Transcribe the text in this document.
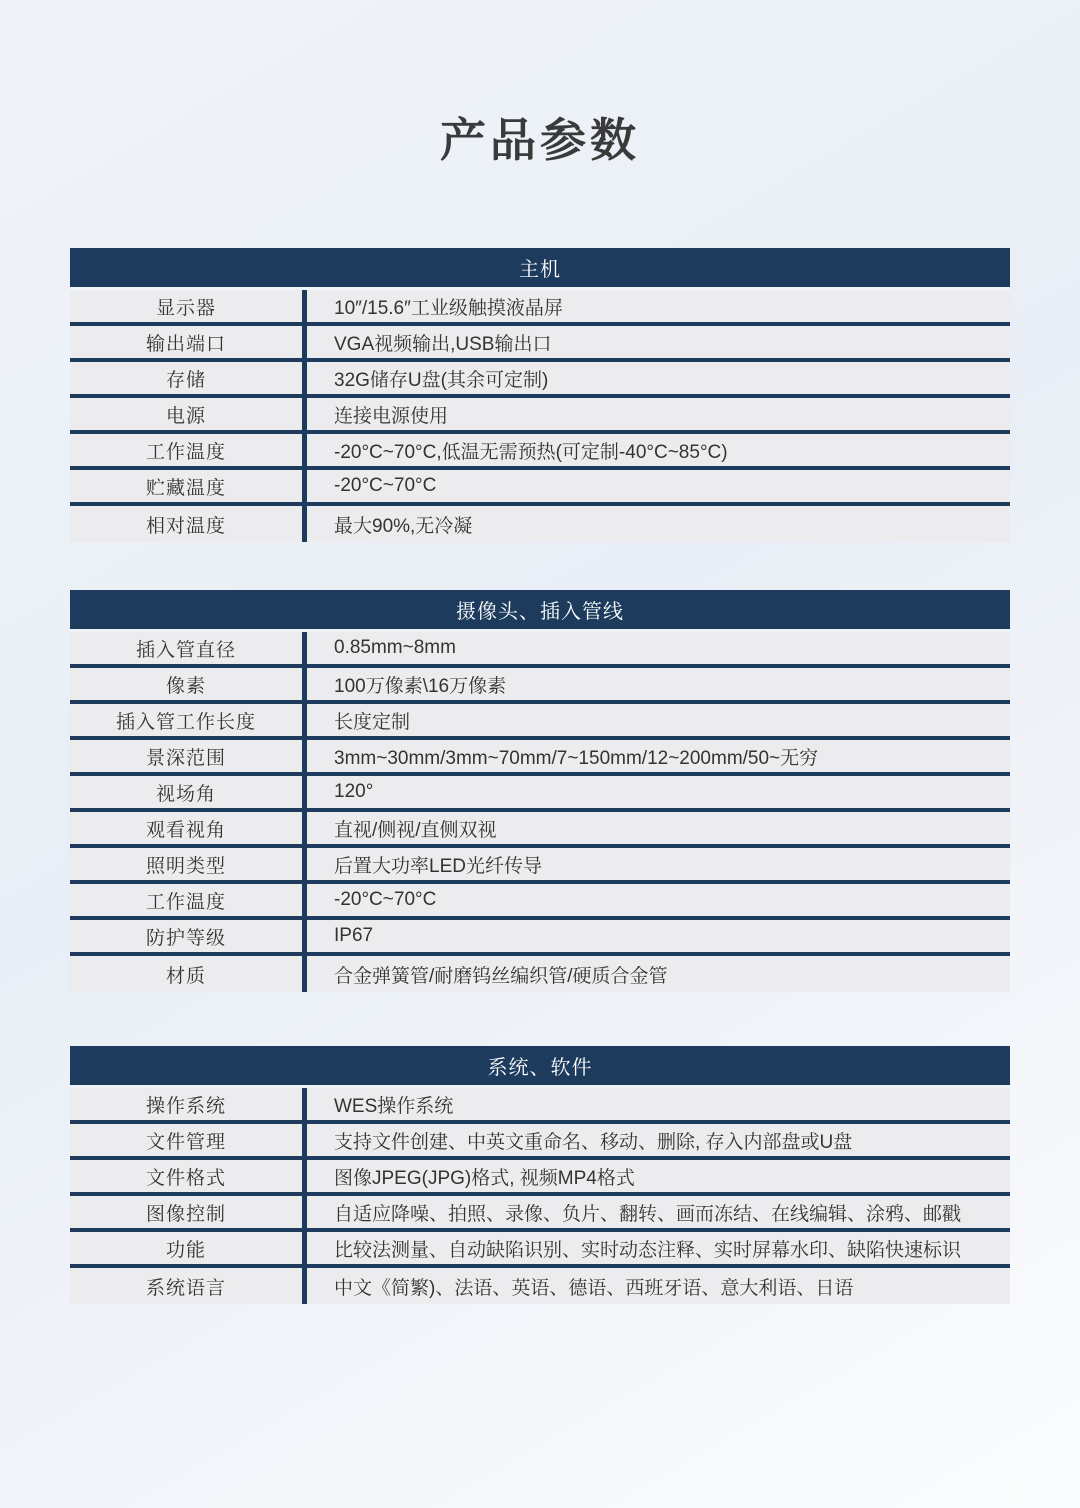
产品参数
主机
显示器	10″/15.6″工业级触摸液晶屏
输出端口	VGA视频输出,USB输出口
存储	32G储存U盘(其余可定制)
电源	连接电源使用
工作温度	-20°C~70°C,低温无需预热(可定制-40°C~85°C)
贮藏温度	-20°C~70°C
相对温度	最大90%,无冷凝
摄像头、插入管线
插入管直径	0.85mm~8mm
像素	100万像素\16万像素
插入管工作长度	长度定制
景深范围	3mm~30mm/3mm~70mm/7~150mm/12~200mm/50~无穷
视场角	120°
观看视角	直视/侧视/直侧双视
照明类型	后置大功率LED光纤传导
工作温度	-20°C~70°C
防护等级	IP67
材质	合金弹簧管/耐磨钨丝编织管/硬质合金管
系统、软件
操作系统	WES操作系统
文件管理	支持文件创建、中英文重命名、移动、删除, 存入内部盘或U盘
文件格式	图像JPEG(JPG)格式, 视频MP4格式
图像控制	自适应降噪、拍照、录像、负片、翻转、画而冻结、在线编辑、涂鸦、邮戳
功能	比较法测量、自动缺陷识别、实时动态注释、实时屏幕水印、缺陷快速标识
系统语言	中文《简繁)、法语、英语、德语、西班牙语、意大利语、日语
